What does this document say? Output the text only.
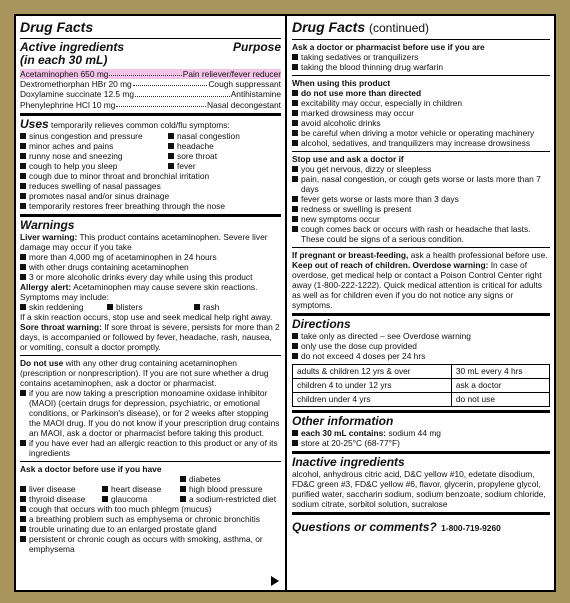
Drug Facts
Active ingredients	Purpose
(in each 30 mL)
Acetaminophen 650 mg	Pain reliever/fever reducer
Dextromethorphan HBr 20 mg	Cough suppressant
Doxylamine succinate 12.5 mg	Antihistamine
Phenylephrine HCl 10 mg	Nasal decongestant
Uses temporarily relieves common cold/flu symptoms:
sinus congestion and pressure	nasal congestion
minor aches and pains	headache
runny nose and sneezing	sore throat
cough to help you sleep	fever
cough due to minor throat and bronchial irritation
reduces swelling of nasal passages
promotes nasal and/or sinus drainage
temporarily restores freer breathing through the nose
Warnings
Liver warning: This product contains acetaminophen. Severe liver damage may occur if you take
more than 4,000 mg of acetaminophen in 24 hours
with other drugs containing acetaminophen
3 or more alcoholic drinks every day while using this product
Allergy alert: Acetaminophen may cause severe skin reactions. Symptoms may include:
skin reddening	blisters	rash
If a skin reaction occurs, stop use and seek medical help right away.
Sore throat warning: If sore throat is severe, persists for more than 2 days, is accompanied or followed by fever, headache, rash, nausea, or vomiting, consult a doctor promptly.
Do not use with any other drug containing acetaminophen (prescription or nonprescription). If you are not sure whether a drug contains acetaminophen, ask a doctor or pharmacist.
if you are now taking a prescription monoamine oxidase inhibitor (MAOI) (certain drugs for depression, psychiatric, or emotional conditions, or Parkinson's disease), or for 2 weeks after stopping the MAOI drug. If you do not know if your prescription drug contains an MAOI, ask a doctor or pharmacist before taking this product.
if you have ever had an allergic reaction to this product or any of its ingredients
Ask a doctor before use if you have
diabetes
liver disease	heart disease	high blood pressure
thyroid disease	glaucoma	a sodium-restricted diet
cough that occurs with too much phlegm (mucus)
a breathing problem such as emphysema or chronic bronchitis
trouble urinating due to an enlarged prostate gland
persistent or chronic cough as occurs with smoking, asthma, or emphysema
Drug Facts (continued)
Ask a doctor or pharmacist before use if you are
taking sedatives or tranquilizers
taking the blood thinning drug warfarin
When using this product
do not use more than directed
excitability may occur, especially in children
marked drowsiness may occur
avoid alcoholic drinks
be careful when driving a motor vehicle or operating machinery
alcohol, sedatives, and tranquilizers may increase drowsiness
Stop use and ask a doctor if
you get nervous, dizzy or sleepless
pain, nasal congestion, or cough gets worse or lasts more than 7 days
fever gets worse or lasts more than 3 days
redness or swelling is present
new symptoms occur
cough comes back or occurs with rash or headache that lasts. These could be signs of a serious condition.
If pregnant or breast-feeding, ask a health professional before use.
Keep out of reach of children. Overdose warning: In case of overdose, get medical help or contact a Poison Control Center right away (1-800-222-1222). Quick medical attention is critical for adults as well as for children even if you do not notice any signs or symptoms.
Directions
take only as directed – see Overdose warning
only use the dose cup provided
do not exceed 4 doses per 24 hrs
adults & children 12 yrs & over	30 mL every 4 hrs
children 4 to under 12 yrs	ask a doctor
children under 4 yrs	do not use
Other information
each 30 mL contains: sodium 44 mg
store at 20-25°C (68-77°F)
Inactive ingredients
alcohol, anhydrous citric acid, D&C yellow #10, edetate disodium, FD&C green #3, FD&C yellow #6, flavor, glycerin, propylene glycol, purified water, saccharin sodium, sodium benzoate, sodium chloride, sodium citrate, sorbitol solution, sucralose
Questions or comments? 1-800-719-9260
